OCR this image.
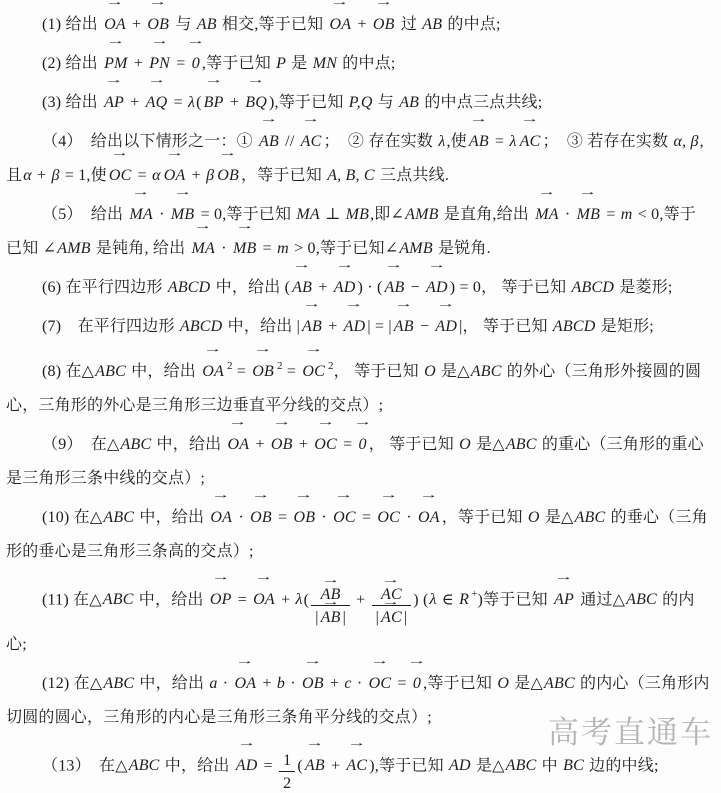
(1) 给出 → OA + → OB 与 AB 相交,等于已知 → OA + → OB 过 AB 的中点;

(2) 给出 → PM + → PN = → 0 ,等于已知 P 是 MN 的中点;

(3) 给出 → AP + → AQ = λ( → BP + → BQ ),等于已知 P,Q 与 AB 的中点三点共线;

（4）　给出以下情形之一：① → AB // → AC ；　② 存在实数 λ,使 → AB = λ → AC ；　③ 若存在实数 α, β, 且α + β = 1,使 → OC = α → OA + β → OB ，等于已知 A, B, C 三点共线.

（5）　给出 → MA · → MB = 0,等于已知 MA ⊥ MB,即∠AMB 是直角,给出 → MA · → MB = m < 0,等于已知 ∠AMB 是钝角, 给出 → MA · → MB = m > 0,等于已知∠AMB 是锐角.

(6) 在平行四边形 ABCD 中，给出 ( → AB + → AD ) · ( → AB − → AD ) = 0， 等于已知 ABCD 是菱形;

(7)　在平行四边形 ABCD 中，给出 | → AB + → AD | = | → AB − → AD |， 等于已知 ABCD 是矩形;

(8) 在△ABC 中，给出 → OA $^2$ = → OB $^2$ = → OC $^2$， 等于已知 O 是△ABC 的外心（三角形外接圆的圆心，三角形的外心是三角形三边垂直平分线的交点）;

（9）　在△ABC 中，给出 → OA + → OB + → OC = → 0 ， 等于已知 O 是△ABC 的重心（三角形的重心是三角形三条中线的交点）;

(10) 在△ABC 中，给出 → OA · → OB = → OB · → OC = → OC · → OA ，等于已知 O 是△ABC 的垂心（三角形的垂心是三角形三条高的交点）;

(11) 在△ABC 中，给出 → OP = → OA + $\lambda( \to \frac{AB}{| \to AB |}$ + → $\frac{AC}{| \to AC |}$ ) (λ ∈ R +)等于已知 → AP 通过△ABC 的内心;

(12) 在△ABC 中，给出 a · → OA + b · → OB + c · → OC = → 0 ,等于已知 O 是△ABC 的内心（三角形内切圆的圆心，三角形的内心是三角形三条角平分线的交点）;

（13）　在△ABC 中，给出 → AD = $\frac{1}{2}$ ( → AB + → AC ),等于已知 AD 是△ABC 中 BC 边的中线;

高考直通车
